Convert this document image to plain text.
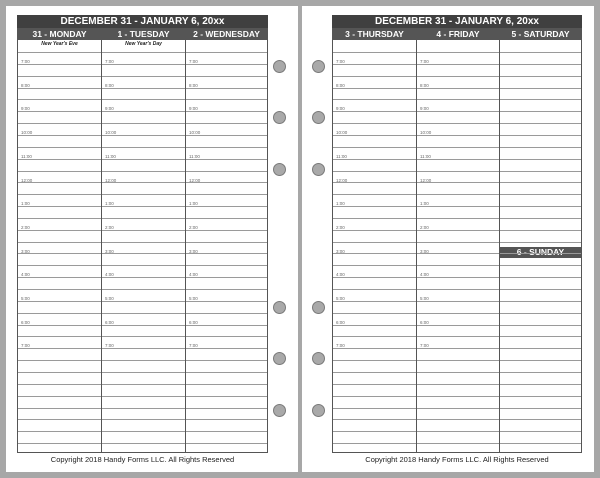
DECEMBER 31 - JANUARY 6, 20xx
31 - MONDAY
New Year's Eve
7:00
8:00
9:00
10:00
11:00
12:00
1:00
2:00
3:00
4:00
5:00
6:00
7:00
1 - TUESDAY
New Year's Day
7:00
8:00
9:00
10:00
11:00
12:00
1:00
2:00
3:00
4:00
5:00
6:00
7:00
2 - WEDNESDAY
7:00
8:00
9:00
10:00
11:00
12:00
1:00
2:00
3:00
4:00
5:00
6:00
7:00
Copyright 2018 Handy Forms LLC. All Rights Reserved
DECEMBER 31 - JANUARY 6, 20xx
3 - THURSDAY
7:00
8:00
9:00
10:00
11:00
12:00
1:00
2:00
3:00
4:00
5:00
6:00
7:00
4 - FRIDAY
7:00
8:00
9:00
10:00
11:00
12:00
1:00
2:00
3:00
4:00
5:00
6:00
7:00
5 - SATURDAY
6 - SUNDAY
Copyright 2018 Handy Forms LLC. All Rights Reserved
